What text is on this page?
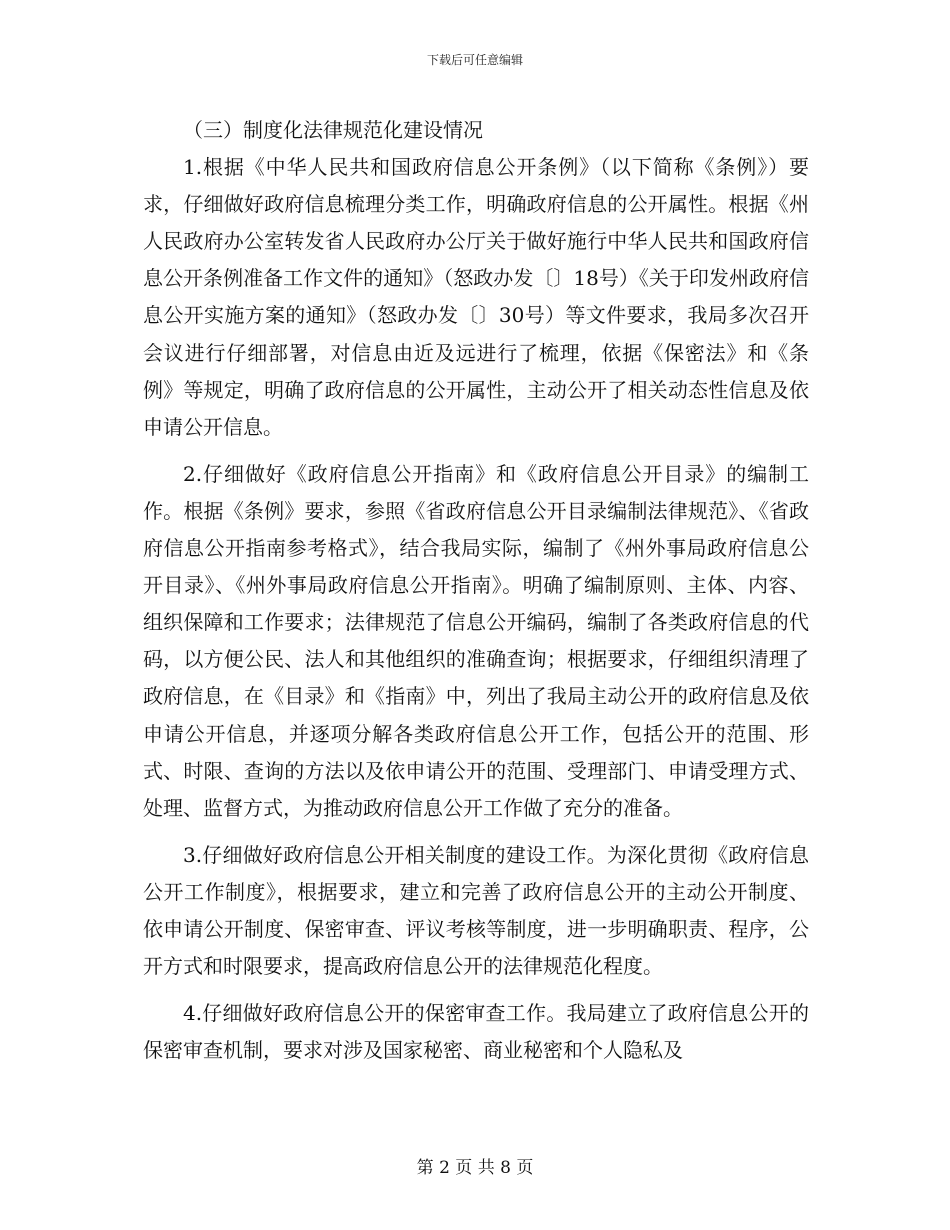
下载后可任意编辑

（三）制度化法律规范化建设情况

1.根据《中华人民共和国政府信息公开条例》（以下简称《条例》）要求，仔细做好政府信息梳理分类工作，明确政府信息的公开属性。根据《州人民政府办公室转发省人民政府办公厅关于做好施行中华人民共和国政府信息公开条例准备工作文件的通知》（怒政办发〔〕18号）《关于印发州政府信息公开实施方案的通知》（怒政办发〔〕30号）等文件要求，我局多次召开会议进行仔细部署，对信息由近及远进行了梳理，依据《保密法》和《条例》等规定，明确了政府信息的公开属性，主动公开了相关动态性信息及依申请公开信息。

2.仔细做好《政府信息公开指南》和《政府信息公开目录》的编制工作。根据《条例》要求，参照《省政府信息公开目录编制法律规范》、《省政府信息公开指南参考格式》，结合我局实际，编制了《州外事局政府信息公开目录》、《州外事局政府信息公开指南》。明确了编制原则、主体、内容、组织保障和工作要求；法律规范了信息公开编码，编制了各类政府信息的代码，以方便公民、法人和其他组织的准确查询；根据要求，仔细组织清理了政府信息，在《目录》和《指南》中，列出了我局主动公开的政府信息及依申请公开信息，并逐项分解各类政府信息公开工作，包括公开的范围、形式、时限、查询的方法以及依申请公开的范围、受理部门、申请受理方式、处理、监督方式，为推动政府信息公开工作做了充分的准备。

3.仔细做好政府信息公开相关制度的建设工作。为深化贯彻《政府信息公开工作制度》，根据要求，建立和完善了政府信息公开的主动公开制度、依申请公开制度、保密审查、评议考核等制度，进一步明确职责、程序，公开方式和时限要求，提高政府信息公开的法律规范化程度。

4.仔细做好政府信息公开的保密审查工作。我局建立了政府信息公开的保密审查机制，要求对涉及国家秘密、商业秘密和个人隐私及

第 2 页 共 8 页
